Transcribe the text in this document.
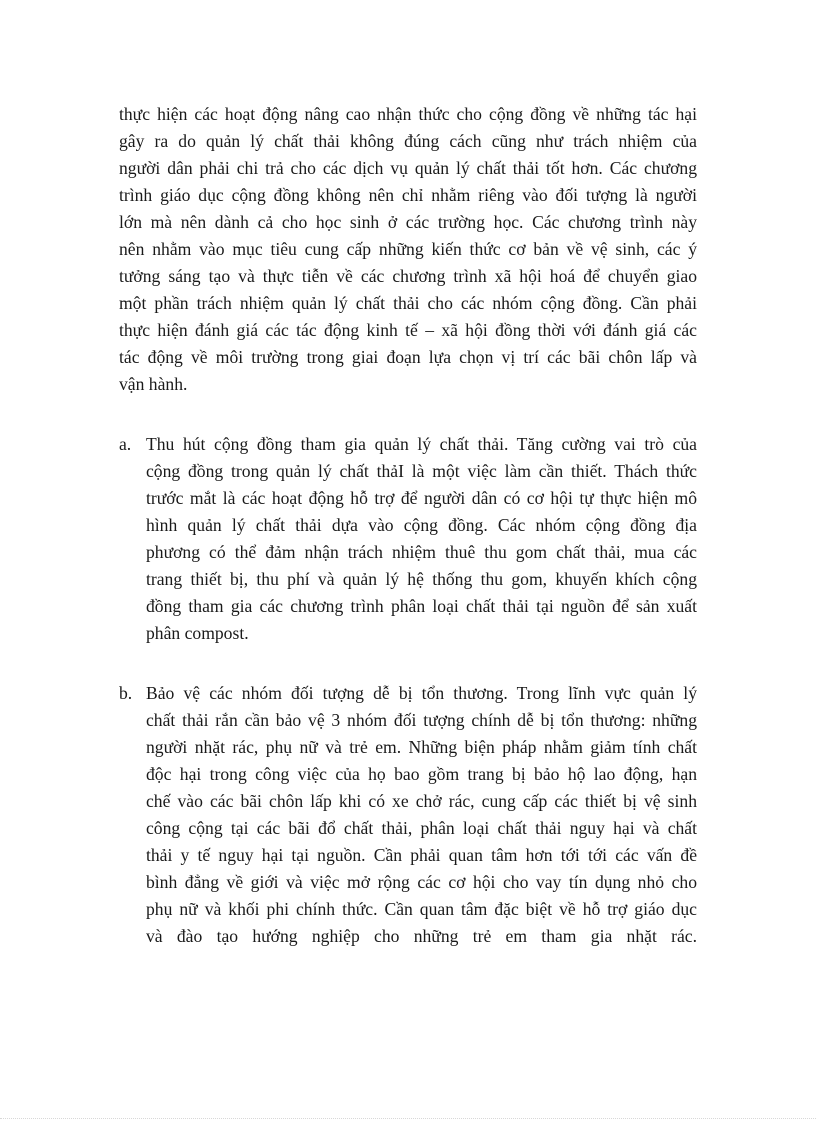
thực hiện các hoạt động nâng cao nhận thức cho cộng đồng về những tác hại
gây ra do quản lý chất thải không đúng cách cũng như trách nhiệm của
người dân phải chi trả cho các dịch vụ quản lý chất thải tốt hơn. Các chương
trình giáo dục cộng đồng không nên chỉ nhằm riêng vào đối tượng là người
lớn mà nên dành cả cho học sinh ở các trường học. Các chương trình này
nên nhằm vào mục tiêu cung cấp những kiến thức cơ bản về vệ sinh, các ý
tưởng sáng tạo và thực tiễn về các chương trình xã hội hoá để chuyển giao
một phần trách nhiệm quản lý chất thải cho các nhóm cộng đồng. Cần phải
thực hiện đánh giá các tác động kinh tế – xã hội đồng thời với đánh giá các
tác động về môi trường trong giai đoạn lựa chọn vị trí các bãi chôn lấp và
vận hành.
a. Thu hút cộng đồng tham gia quản lý chất thải. Tăng cường vai trò của
cộng đồng trong quản lý chất thảI là một việc làm cần thiết. Thách thức
trước mắt là các hoạt động hỗ trợ để người dân có cơ hội tự thực hiện mô
hình quản lý chất thải dựa vào cộng đồng. Các nhóm cộng đồng địa
phương có thể đảm nhận trách nhiệm thuê thu gom chất thải, mua các
trang thiết bị, thu phí và quản lý hệ thống thu gom, khuyến khích cộng
đồng tham gia các chương trình phân loại chất thải tại nguồn để sản xuất
phân compost.
b. Bảo vệ các nhóm đối tượng dễ bị tổn thương. Trong lĩnh vực quản lý
chất thải rắn cần bảo vệ 3 nhóm đối tượng chính dễ bị tổn thương: những
người nhặt rác, phụ nữ và trẻ em. Những biện pháp nhằm giảm tính chất
độc hại trong công việc của họ bao gồm trang bị bảo hộ lao động, hạn
chế vào các bãi chôn lấp khi có xe chở rác, cung cấp các thiết bị vệ sinh
công cộng tại các bãi đổ chất thải, phân loại chất thải nguy hại và chất
thải y tế nguy hại tại nguồn. Cần phải quan tâm hơn tới tới các vấn đề
bình đẳng về giới và việc mở rộng các cơ hội cho vay tín dụng nhỏ cho
phụ nữ và khối phi chính thức. Cần quan tâm đặc biệt về hỗ trợ giáo dục
và đào tạo hướng nghiệp cho những trẻ em tham gia nhặt rác.
